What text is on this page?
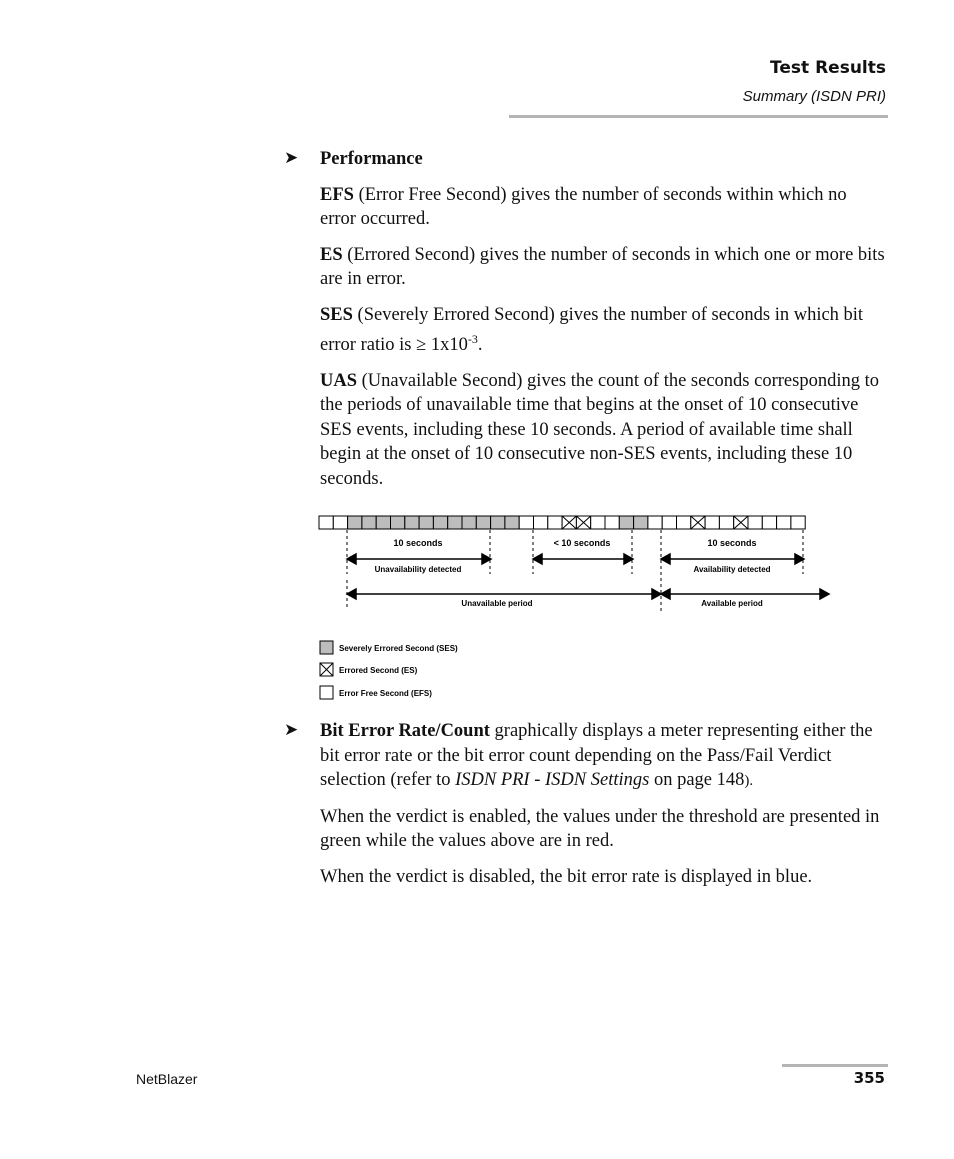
Test Results
Summary (ISDN PRI)
➤ Performance

EFS (Error Free Second) gives the number of seconds within which no error occurred.

ES (Errored Second) gives the number of seconds in which one or more bits are in error.

SES (Severely Errored Second) gives the number of seconds in which bit error ratio is ≥ $1x10^{-3}$.

UAS (Unavailable Second) gives the count of the seconds corresponding to the periods of unavailable time that begins at the onset of 10 consecutive SES events, including these 10 seconds. A period of available time shall begin at the onset of 10 consecutive non-SES events, including these 10 seconds.

10 seconds	< 10 seconds	10 seconds
Unavailability detected	Availability detected
Unavailable period	Available period
Severely Errored Second (SES)
Errored Second (ES)
Error Free Second (EFS)
➤ Bit Error Rate/Count graphically displays a meter representing either the bit error rate or the bit error count depending on the Pass/Fail Verdict selection (refer to ISDN PRI - ISDN Settings on page 148).

When the verdict is enabled, the values under the threshold are presented in green while the values above are in red.

When the verdict is disabled, the bit error rate is displayed in blue.

NetBlazer	355
